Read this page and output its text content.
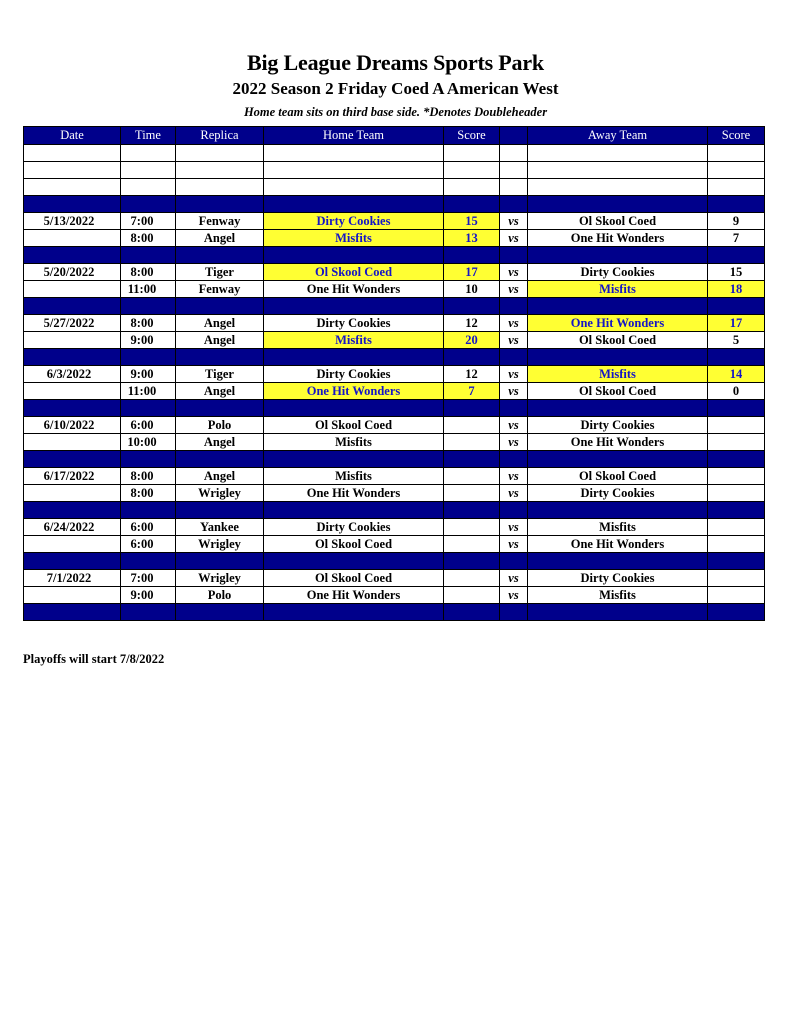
Big League Dreams Sports Park
2022 Season 2 Friday Coed A American West
Home team sits on third base side. *Denotes Doubleheader
Date	Time	Replica	Home Team	Score		Away Team	Score

5/13/2022	7:00	Fenway	Dirty Cookies	15	vs	Ol Skool Coed	9
	8:00	Angel	Misfits	13	vs	One Hit Wonders	7

5/20/2022	8:00	Tiger	Ol Skool Coed	17	vs	Dirty Cookies	15
	11:00	Fenway	One Hit Wonders	10	vs	Misfits	18

5/27/2022	8:00	Angel	Dirty Cookies	12	vs	One Hit Wonders	17
	9:00	Angel	Misfits	20	vs	Ol Skool Coed	5

6/3/2022	9:00	Tiger	Dirty Cookies	12	vs	Misfits	14
	11:00	Angel	One Hit Wonders	7	vs	Ol Skool Coed	0

6/10/2022	6:00	Polo	Ol Skool Coed		vs	Dirty Cookies	
	10:00	Angel	Misfits		vs	One Hit Wonders	

6/17/2022	8:00	Angel	Misfits		vs	Ol Skool Coed	
	8:00	Wrigley	One Hit Wonders		vs	Dirty Cookies	

6/24/2022	6:00	Yankee	Dirty Cookies		vs	Misfits	
	6:00	Wrigley	Ol Skool Coed		vs	One Hit Wonders	

7/1/2022	7:00	Wrigley	Ol Skool Coed		vs	Dirty Cookies	
	9:00	Polo	One Hit Wonders		vs	Misfits	

Playoffs will start 7/8/2022
